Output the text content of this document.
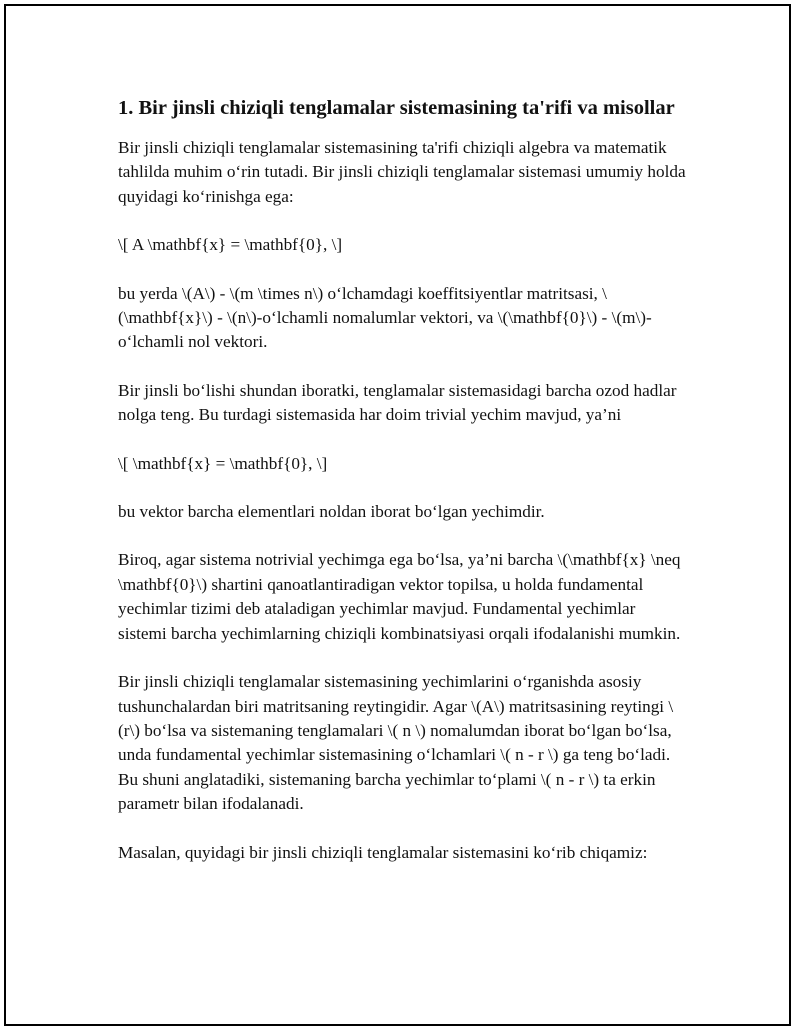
1. Bir jinsli chiziqli tenglamalar sistemasining ta'rifi va misollar

Bir jinsli chiziqli tenglamalar sistemasining ta'rifi chiziqli algebra va matematik tahlilda muhim o‘rin tutadi. Bir jinsli chiziqli tenglamalar sistemasi umumiy holda quyidagi ko‘rinishga ega:

\[ A \mathbf{x} = \mathbf{0}, \]

bu yerda \(A\) - \(m \times n\) o‘lchamdagi koeffitsiyentlar matritsasi, \(\mathbf{x}\) - \(n\)-o‘lchamli nomalumlar vektori, va \(\mathbf{0}\) - \(m\)-o‘lchamli nol vektori.

Bir jinsli bo‘lishi shundan iboratki, tenglamalar sistemasidagi barcha ozod hadlar nolga teng. Bu turdagi sistemasida har doim trivial yechim mavjud, ya’ni

\[ \mathbf{x} = \mathbf{0}, \]

bu vektor barcha elementlari noldan iborat bo‘lgan yechimdir.

Biroq, agar sistema notrivial yechimga ega bo‘lsa, ya’ni barcha \(\mathbf{x} \neq \mathbf{0}\) shartini qanoatlantiradigan vektor topilsa, u holda fundamental yechimlar tizimi deb ataladigan yechimlar mavjud. Fundamental yechimlar sistemi barcha yechimlarning chiziqli kombinatsiyasi orqali ifodalanishi mumkin.

Bir jinsli chiziqli tenglamalar sistemasining yechimlarini o‘rganishda asosiy tushunchalardan biri matritsaning reytingidir. Agar \(A\) matritsasining reytingi \(r\) bo‘lsa va sistemaning tenglamalari \( n \) nomalumdan iborat bo‘lgan bo‘lsa, unda fundamental yechimlar sistemasining o‘lchamlari \( n - r \) ga teng bo‘ladi. Bu shuni anglatadiki, sistemaning barcha yechimlar to‘plami \( n - r \) ta erkin parametr bilan ifodalanadi.

Masalan, quyidagi bir jinsli chiziqli tenglamalar sistemasini ko‘rib chiqamiz:
